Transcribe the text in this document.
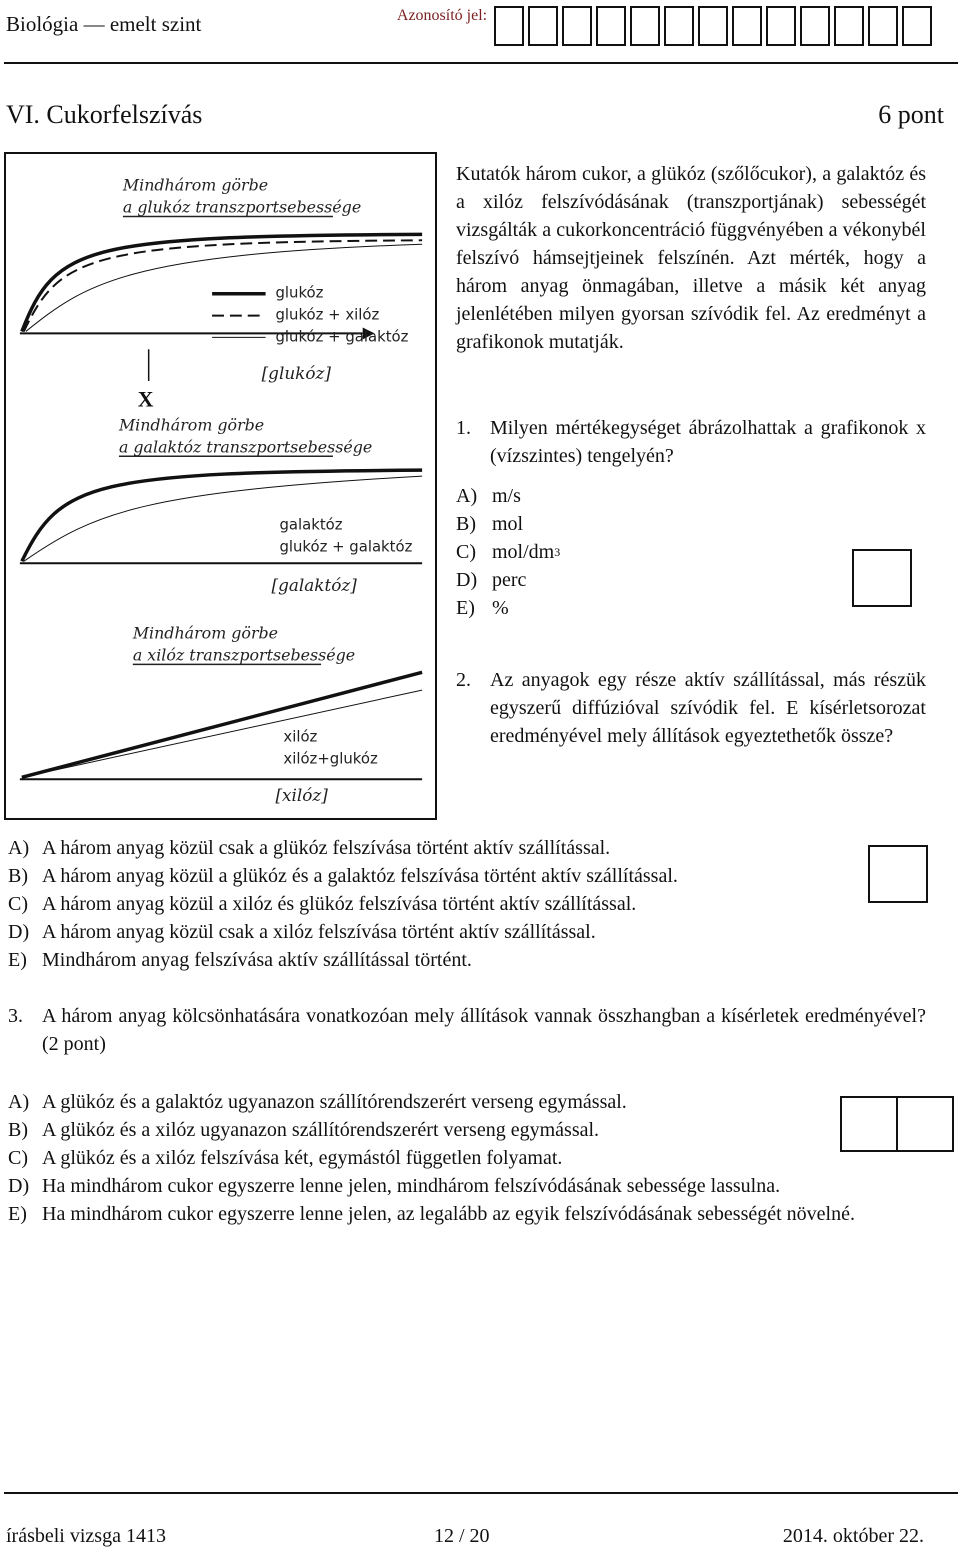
Biológia — emelt szint	Azonosító jel:
VI. Cukorfelszívás	6 pont
Mindhárom görbe
a glukóz transzportsebessége
glukóz
glukóz + xilóz
glukóz + galaktóz
[glukóz]
X
Mindhárom görbe
a galaktóz transzportsebessége
galaktóz
glukóz + galaktóz
[galaktóz]
Mindhárom görbe
a xilóz transzportsebessége
xilóz
xilóz+glukóz
[xilóz]
Kutatók három cukor, a glükóz (szőlőcukor), a galaktóz és a xilóz felszívódásának (transzportjának) sebességét vizsgálták a cukorkoncentráció függvényében a vékonybél felszívó hámsejtjeinek felszínén. Azt mérték, hogy a három anyag önmagában, illetve a másik két anyag jelenlétében milyen gyorsan szívódik fel. Az eredményt a grafikonok mutatják.
1. Milyen mértékegységet ábrázolhattak a grafikonok x (vízszintes) tengelyén?
A) m/s
B) mol
C) mol/dm 3
D) perc
E) %
2. Az anyagok egy része aktív szállítással, más részük egyszerű diffúzióval szívódik fel. E kísérletsorozat eredményével mely állítások egyeztethetők össze?
A) A három anyag közül csak a glükóz felszívása történt aktív szállítással.
B) A három anyag közül a glükóz és a galaktóz felszívása történt aktív szállítással.
C) A három anyag közül a xilóz és glükóz felszívása történt aktív szállítással.
D) A három anyag közül csak a xilóz felszívása történt aktív szállítással.
E) Mindhárom anyag felszívása aktív szállítással történt.
3. A három anyag kölcsönhatására vonatkozóan mely állítások vannak összhangban a kísérletek eredményével? (2 pont)
A) A glükóz és a galaktóz ugyanazon szállítórendszerért verseng egymással.
B) A glükóz és a xilóz ugyanazon szállítórendszerért verseng egymással.
C) A glükóz és a xilóz felszívása két, egymástól független folyamat.
D) Ha mindhárom cukor egyszerre lenne jelen, mindhárom felszívódásának sebessége lassulna.
E) Ha mindhárom cukor egyszerre lenne jelen, az legalább az egyik felszívódásának sebességét növelné.
írásbeli vizsga 1413	12 / 20	2014. október 22.
